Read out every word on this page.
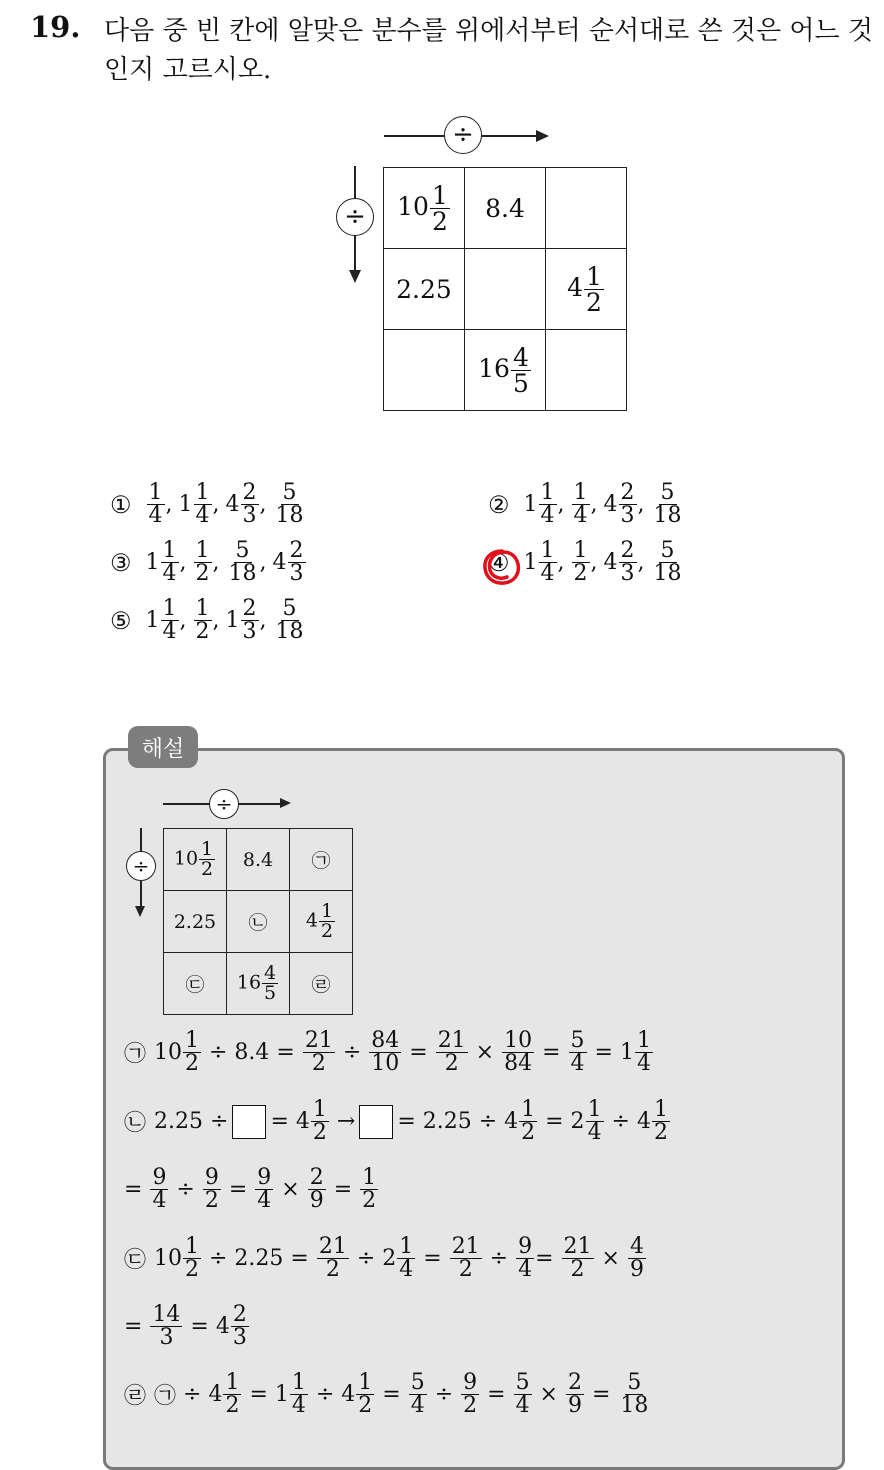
19. 다음 중 빈 칸에 알맞은 분수를 위에서부터 순서대로 쓴 것은 어느 것인지 고르시오.
÷
÷	$10 \frac{1}{2}$	8.4	
2.25		$4 \frac{1}{2}$

	$16 \frac{4}{5}$

① 1
4 , 1 1
4 , 4 2
3 , 5
18	② 1 1
4 , 1
4 , 4 2
3 , 5
18
③ 1 1
4 , 1
2 , 5
18 , 4 2
3	④ 1 1
4 , 1
2 , 4 2
3 , 5
18
⑤ 1 1
4 , 1
2 , 1 2
3 , 5
18
해설
÷
÷	$10 \frac{1}{2}$	8.4	㉠
2.25	㉡	$4 \frac{1}{2}$

㉢	$16 \frac{4}{5}$	㉣
㉠ $10 \frac{1}{2} \div 8.4 = \frac{21}{2} \div \frac{84}{10} = \frac{21}{2} \times \frac{10}{84} = \frac{5}{4} = 1$ 1
4
㉡ 2.25 ÷ = 4 1
2 → = $2.25 \div 4 \frac{1}{2} = 2 \frac{1}{4} \div 4$ 1
2
= $\frac{9}{4} \div \frac{9}{2} = \frac{9}{4} \times \frac{2}{9} = \frac{1}{2}$
㉢ $10 \frac{1}{2} \div 2.25 = \frac{21}{2} \div 2 \frac{1}{4} = \frac{21}{2} \div \frac{9}{4} = \frac{21}{2} \times \frac{4}{9}$
= $\frac{14}{3} = 4$ 2
3
㉣ ㉠ ÷ $4 \frac{1}{2} = 1 \frac{1}{4} \div 4 \frac{1}{2} = \frac{5}{4} \div \frac{9}{2} = \frac{5}{4} \times \frac{2}{9} = \frac{5}{18}$
